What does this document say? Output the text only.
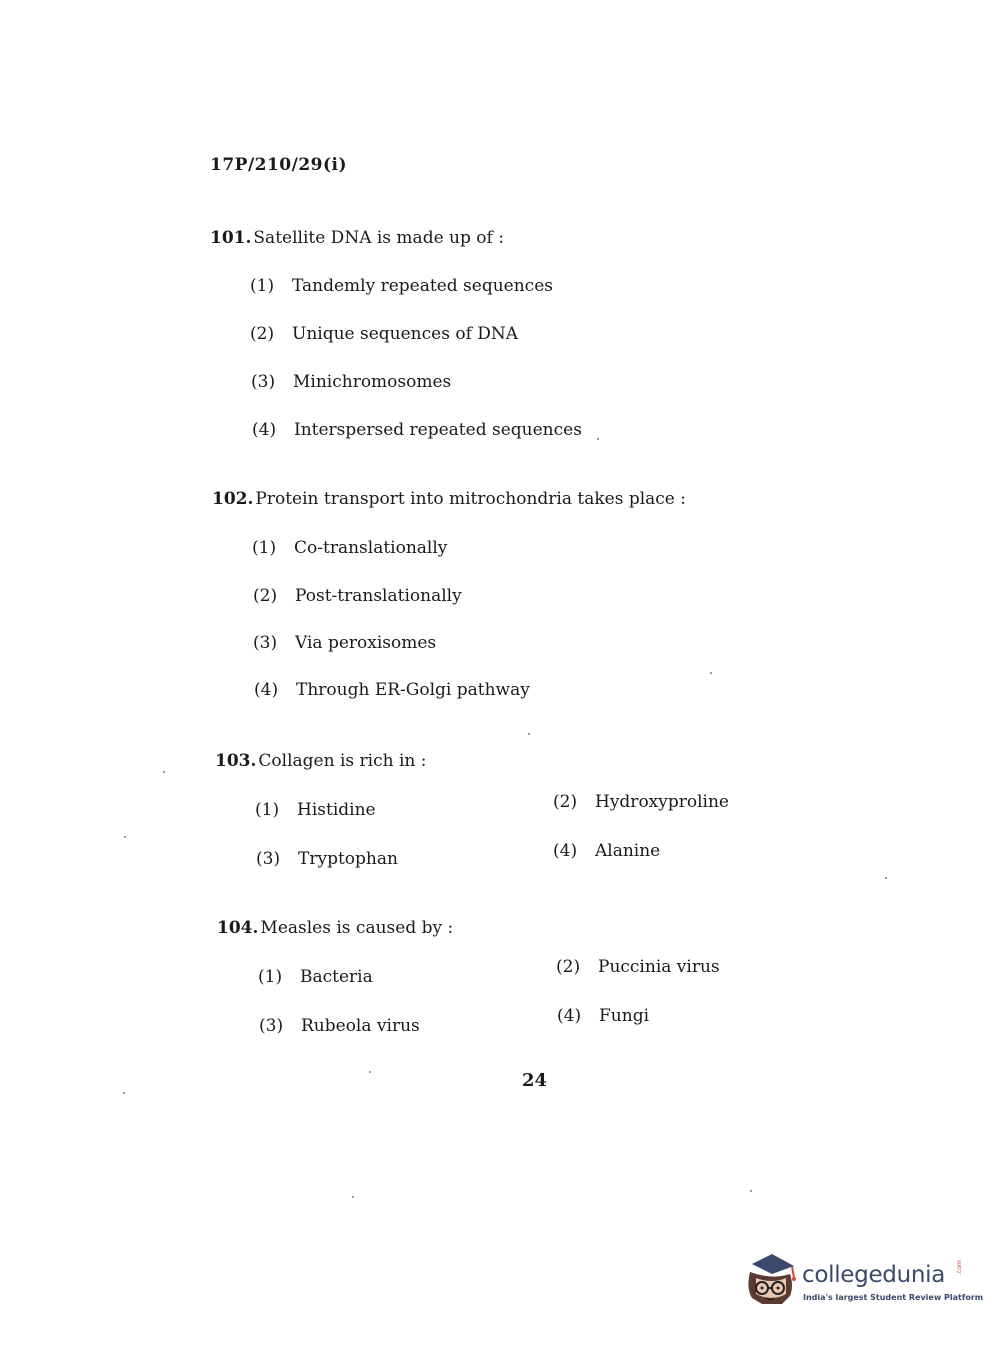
17P/210/29(i)
101. Satellite DNA is made up of :
(1) Tandemly repeated sequences
(2) Unique sequences of DNA
(3) Minichromosomes
(4) Interspersed repeated sequences
102. Protein transport into mitrochondria takes place :
(1) Co-translationally
(2) Post-translationally
(3) Via peroxisomes
(4) Through ER-Golgi pathway
103. Collagen is rich in :
(1) Histidine	(2) Hydroxyproline
(3) Tryptophan	(4) Alanine
104. Measles is caused by :
(1) Bacteria	(2) Puccinia virus
(3) Rubeola virus	(4) Fungi
24
collegedunia .com
India's largest Student Review Platform
